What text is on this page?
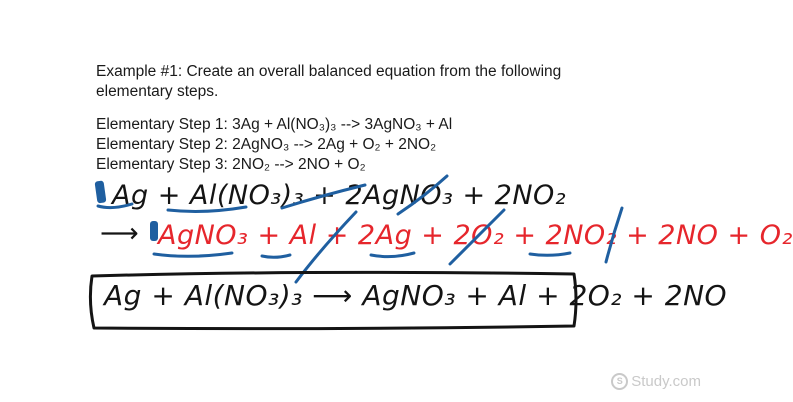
Example #1: Create an overall balanced equation from the following elementary steps.

Elementary Step 1: 3Ag + Al(NO₃)₃ --> 3AgNO₃ + Al
Elementary Step 2: 2AgNO₃ --> 2Ag + O₂ + 2NO₂
Elementary Step 3: 2NO₂ --> 2NO + O₂
Ag + Al(NO₃)₃ + 2AgNO₃ + 2NO₂
⟶ AgNO₃ + Al + 2Ag + 2O₂ + 2NO₂ + 2NO + O₂
Ag + Al(NO₃)₃ ⟶ AgNO₃ + Al + 2O₂ + 2NO
S Study.com
